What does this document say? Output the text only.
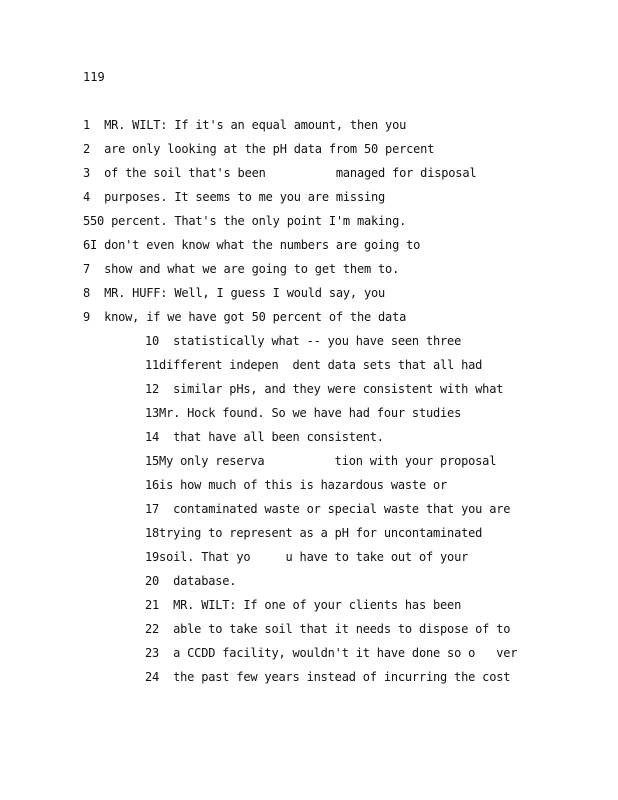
119

1  MR. WILT: If it's an equal amount, then you

2  are only looking at the pH data from 50 percent

3  of the soil that's been          managed for disposal

4  purposes. It seems to me you are missing

550 percent. That's the only point I'm making.

6I don't even know what the numbers are going to

7  show and what we are going to get them to.

8  MR. HUFF: Well, I guess I would say, you

9  know, if we have got 50 percent of the data

10  statistically what -- you have seen three

11different indepen  dent data sets that all had

12  similar pHs, and they were consistent with what

13Mr. Hock found. So we have had four studies

14  that have all been consistent.

15My only reserva          tion with your proposal

16is how much of this is hazardous waste or

17  contaminated waste or special waste that you are

18trying to represent as a pH for uncontaminated

19soil. That yo     u have to take out of your

20  database.

21  MR. WILT: If one of your clients has been

22  able to take soil that it needs to dispose of to

23  a CCDD facility, wouldn't it have done so o   ver

24  the past few years instead of incurring the cost
